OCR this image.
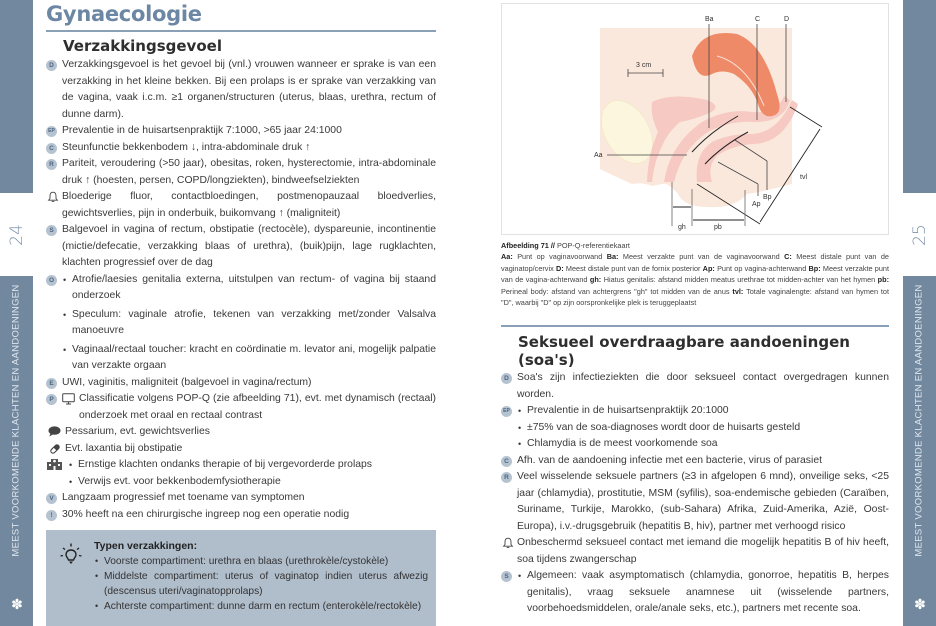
24
MEEST VOORKOMENDE KLACHTEN EN AANDOENINGEN
✽
25
MEEST VOORKOMENDE KLACHTEN EN AANDOENINGEN
✽
Gynaecologie
Verzakkingsgevoel
D Verzakkingsgevoel is het gevoel bij (vnl.) vrouwen wanneer er sprake is van een verzakking in het kleine bekken. Bij een prolaps is er sprake van verzakking van de vagina, vaak i.c.m. ≥1 organen/structuren (uterus, blaas, urethra, rectum of dunne darm).
EP Prevalentie in de huisartsenpraktijk 7:1000, >65 jaar 24:1000
C Steunfunctie bekkenbodem ↓, intra-abdominale druk ↑
R Pariteit, veroudering (>50 jaar), obesitas, roken, hysterectomie, intra-abdominale druk ↑ (hoesten, persen, COPD/longziekten), bindweefselziekten
Bloederige fluor, contactbloedingen, postmenopauzaal bloedverlies, gewichtsverlies, pijn in onderbuik, buikomvang ↑ (maligniteit)
S Balgevoel in vagina of rectum, obstipatie (rectocèle), dyspareunie, incontinentie (mictie/defecatie, verzakking blaas of urethra), (buik)pijn, lage rugklachten, klachten progressief over de dag
O	• Atrofie/laesies genitalia externa, uitstulpen van rectum- of vagina bij staand onderzoek
• Speculum: vaginale atrofie, tekenen van verzakking met/zonder Valsalva manoeuvre
• Vaginaal/rectaal toucher: kracht en coördinatie m. levator ani, mogelijk palpatie van verzakte orgaan
E UWI, vaginitis, maligniteit (balgevoel in vagina/rectum)
P	Classificatie volgens POP-Q (zie afbeelding 71), evt. met dynamisch (rectaal) onderzoek met oraal en rectaal contrast
Pessarium, evt. gewichtsverlies
Evt. laxantia bij obstipatie
• Ernstige klachten ondanks therapie of bij vergevorderde prolaps
• Verwijs evt. voor bekkenbodemfysiotherapie
V Langzaam progressief met toename van symptomen
! 30% heeft na een chirurgische ingreep nog een operatie nodig
Typen verzakkingen:
• Voorste compartiment: urethra en blaas (urethrokèle/cystokèle)
• Middelste compartiment: uterus of vaginatop indien uterus afwezig (descensus uteri/vaginatopprolaps)
• Achterste compartiment: dunne darm en rectum (enterokèle/rectokèle)
3 cm
Ba	C	D
Aa
Bp
Ap
tvl
gh	pb
Afbeelding 71 // POP-Q-referentiekaart
Aa: Punt op vaginavoorwand Ba: Meest verzakte punt van de vaginavoorwand C: Meest distale punt van de vaginatop/cervix D: Meest distale punt van de fornix posterior Ap: Punt op vagina-achterwand Bp: Meest verzakte punt van de vagina-achterwand gh: Hiatus genitalis: afstand midden meatus urethrae tot midden-achter van het hymen pb: Perineal body: afstand van achtergrens "gh" tot midden van de anus tvl: Totale vaginalengte: afstand van hymen tot "D", waarbij "D" op zijn oorspronkelijke plek is teruggeplaatst
Seksueel overdraagbare aandoeningen (soa's)
D Soa's zijn infectieziekten die door seksueel contact overgedragen kunnen worden.
EP	• Prevalentie in de huisartsenpraktijk 20:1000
• ±75% van de soa-diagnoses wordt door de huisarts gesteld
• Chlamydia is de meest voorkomende soa
C Afh. van de aandoening infectie met een bacterie, virus of parasiet
R Veel wisselende seksuele partners (≥3 in afgelopen 6 mnd), onveilige seks, <25 jaar (chlamydia), prostitutie, MSM (syfilis), soa-endemische gebieden (Caraïben, Suriname, Turkije, Marokko, (sub-Sahara) Afrika, Zuid-Amerika, Azië, Oost-Europa), i.v.-drugsgebruik (hepatitis B, hiv), partner met verhoogd risico
Onbeschermd seksueel contact met iemand die mogelijk hepatitis B of hiv heeft, soa tijdens zwangerschap
S	• Algemeen: vaak asymptomatisch (chlamydia, gonorroe, hepatitis B, herpes genitalis), vraag seksuele anamnese uit (wisselende partners, voorbehoedsmiddelen, orale/anale seks, etc.), partners met recente soa.
